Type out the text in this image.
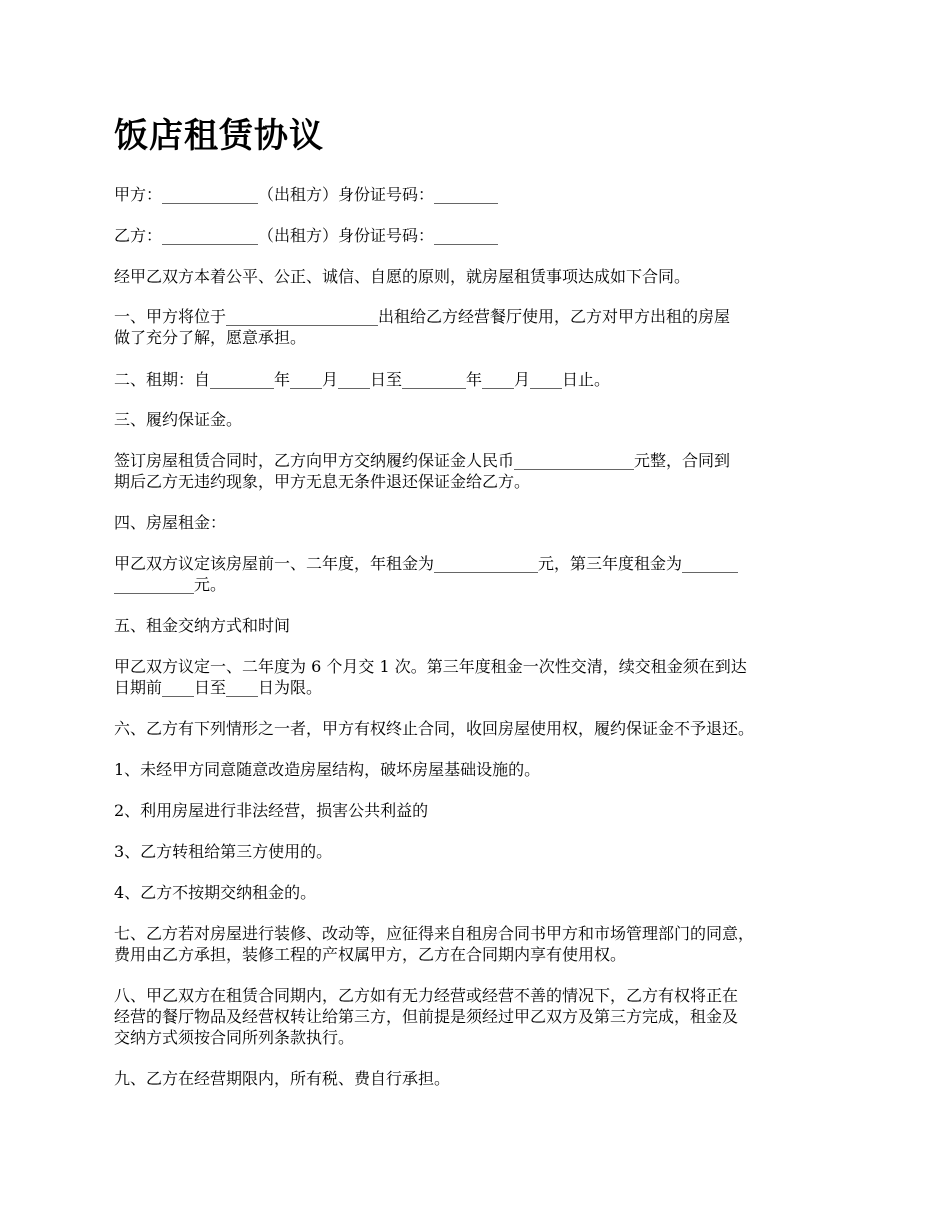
饭店租赁协议

甲方：____________（出租方）身份证号码：________

乙方：____________（出租方）身份证号码：________

经甲乙双方本着公平、公正、诚信、自愿的原则，就房屋租赁事项达成如下合同。

一、甲方将位于___________________出租给乙方经营餐厅使用，乙方对甲方出租的房屋

做了充分了解，愿意承担。

二、租期：自________年____月____日至________年____月____日止。

三、履约保证金。

签订房屋租赁合同时，乙方向甲方交纳履约保证金人民币_______________元整，合同到

期后乙方无违约现象，甲方无息无条件退还保证金给乙方。

四、房屋租金：

甲乙双方议定该房屋前一、二年度，年租金为_____________元，第三年度租金为_______

__________元。

五、租金交纳方式和时间

甲乙双方议定一、二年度为 6 个月交 1 次。第三年度租金一次性交清，续交租金须在到达

日期前____日至____日为限。

六、乙方有下列情形之一者，甲方有权终止合同，收回房屋使用权，履约保证金不予退还。

1、未经甲方同意随意改造房屋结构，破坏房屋基础设施的。

2、利用房屋进行非法经营，损害公共利益的

3、乙方转租给第三方使用的。

4、乙方不按期交纳租金的。

七、乙方若对房屋进行装修、改动等，应征得来自租房合同书甲方和市场管理部门的同意，

费用由乙方承担，装修工程的产权属甲方，乙方在合同期内享有使用权。

八、甲乙双方在租赁合同期内，乙方如有无力经营或经营不善的情况下，乙方有权将正在

经营的餐厅物品及经营权转让给第三方，但前提是须经过甲乙双方及第三方完成，租金及

交纳方式须按合同所列条款执行。

九、乙方在经营期限内，所有税、费自行承担。
